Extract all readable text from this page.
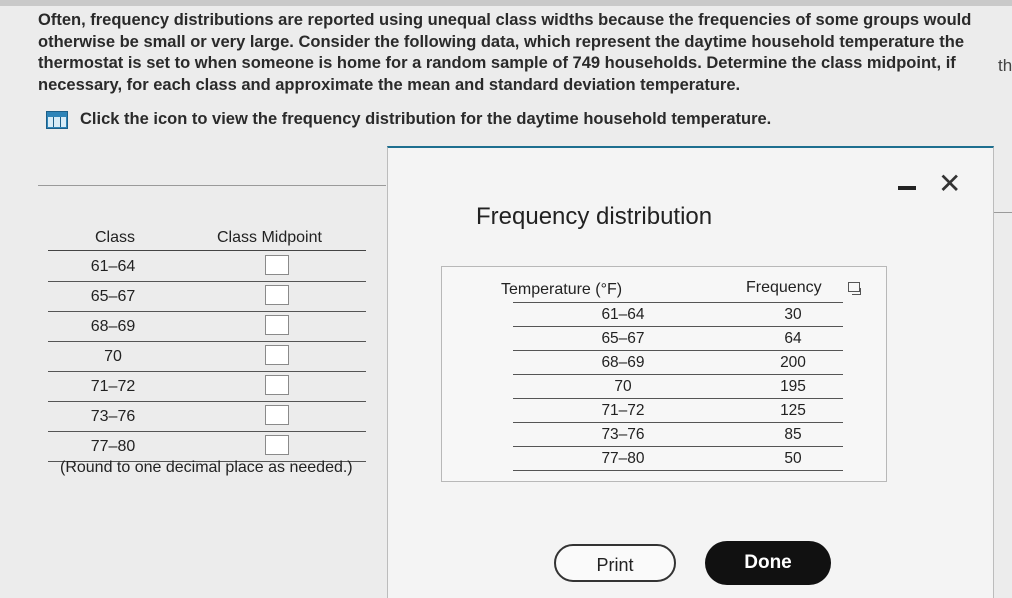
Often, frequency distributions are reported using unequal class widths because the frequencies of some groups would otherwise be small or very large. Consider the following data, which represent the daytime household temperature the thermostat is set to when someone is home for a random sample of 749 households. Determine the class midpoint, if necessary, for each class and approximate the mean and standard deviation temperature.
Click the icon to view the frequency distribution for the daytime household temperature.
th
Class	Class Midpoint
61–64
65–67
68–69
70
71–72
73–76
77–80
(Round to one decimal place as needed.)
Frequency distribution
✕
Temperature (°F)	Frequency
61–64	30
65–67	64
68–69	200
70	195
71–72	125
73–76	85
77–80	50
Print	Done
